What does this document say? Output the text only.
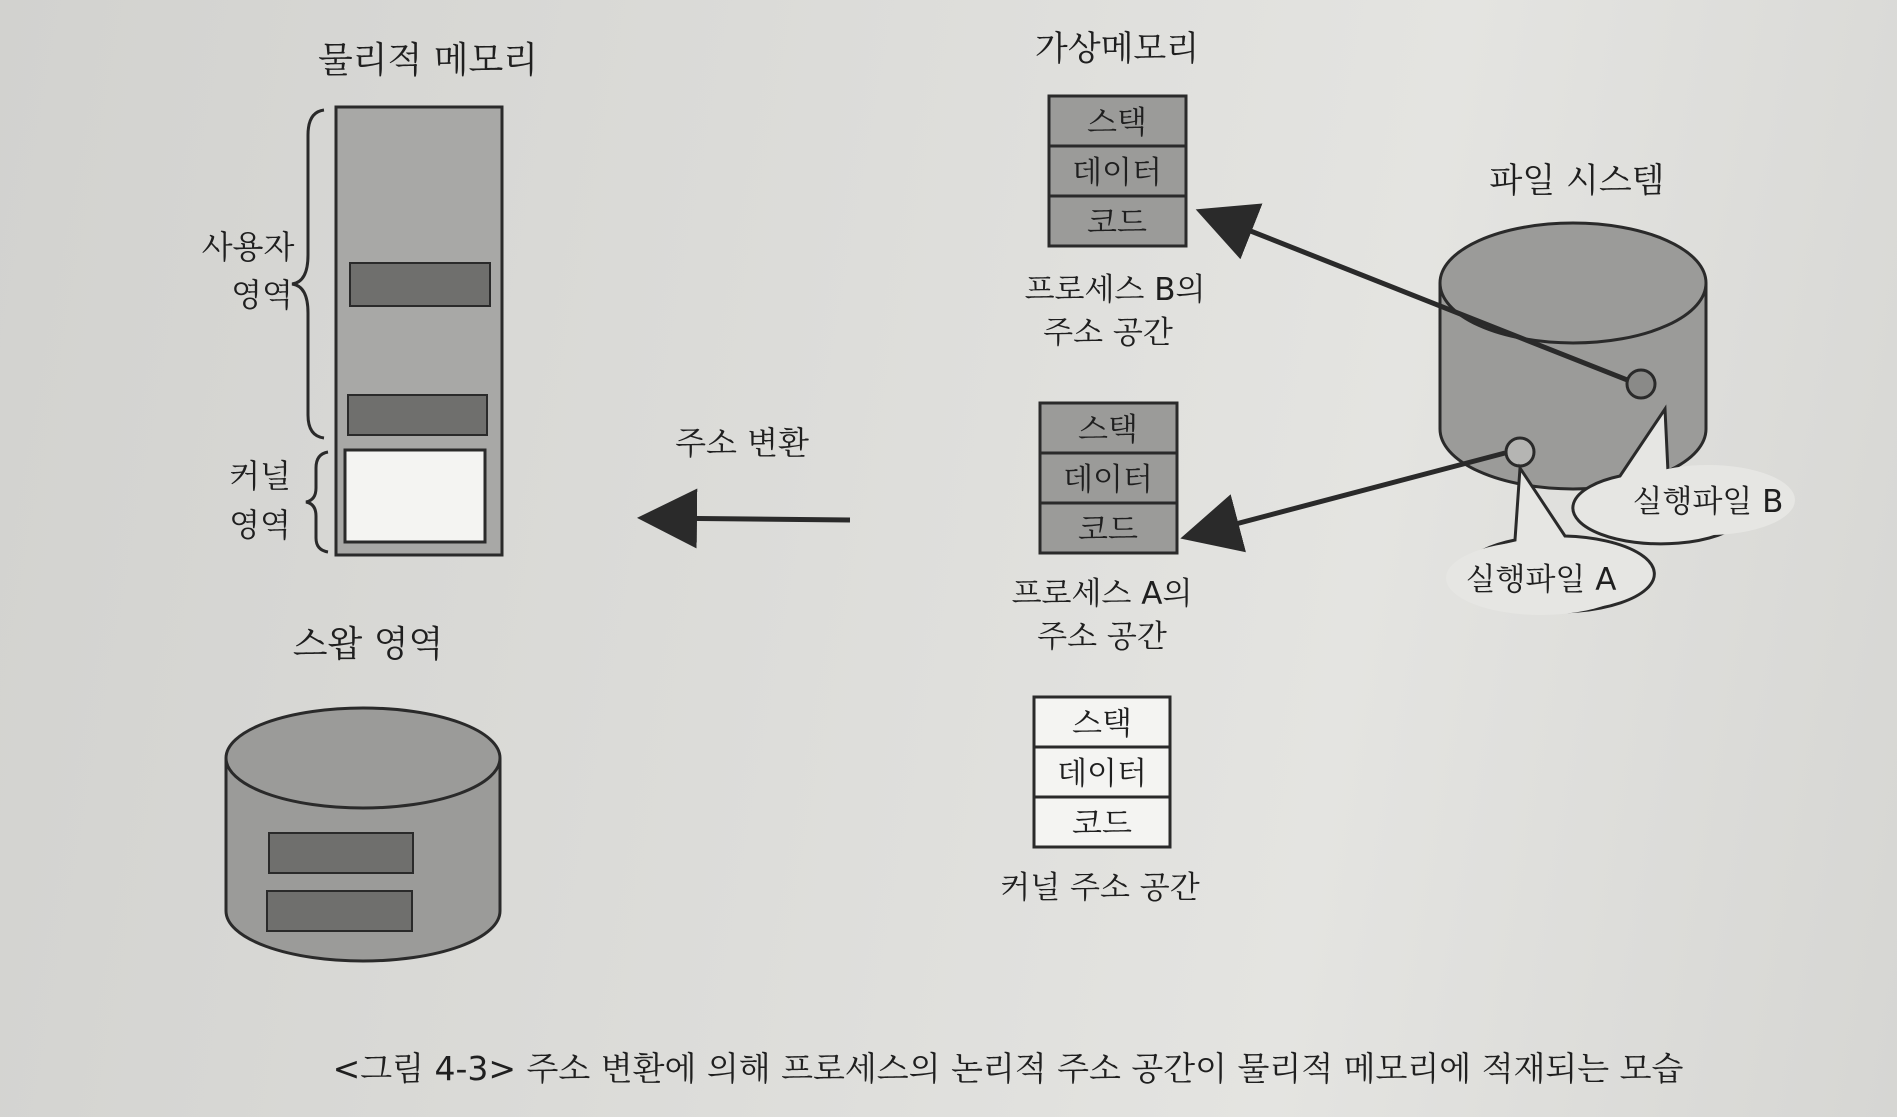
물리적 메모리
사용자
영역
커널
영역
스왑 영역
주소 변환
가상메모리
스택
데이터
코드
프로세스 B의
주소 공간
스택
데이터
코드
프로세스 A의
주소 공간
스택
데이터
코드
커널 주소 공간
파일 시스템
실행파일 B
실행파일 A
<그림 4-3> 주소 변환에 의해 프로세스의 논리적 주소 공간이 물리적 메모리에 적재되는 모습
